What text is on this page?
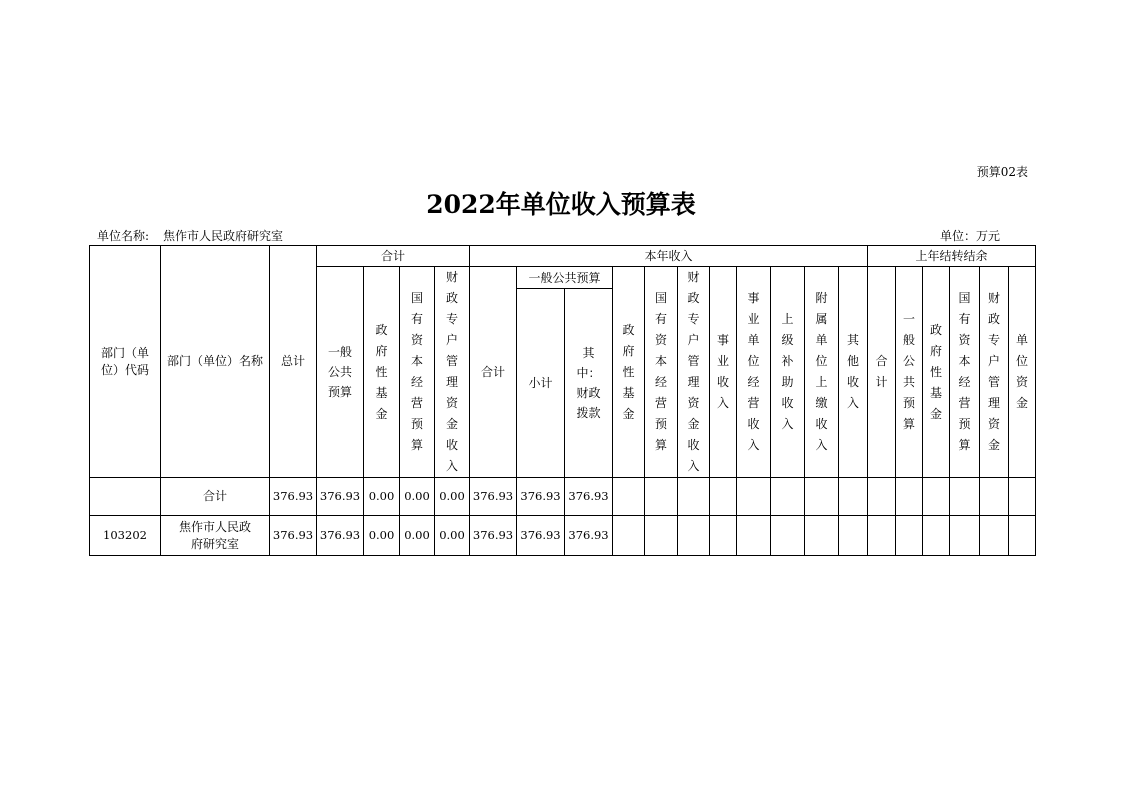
预算02表
2022年单位收入预算表
单位名称: 焦作市人民政府研究室	单位：万元
部门（单位）代码	部门（单位）名称	总计	合计				本年收入											上年结转结余					
			一般公共预算	政府性基金	国有资本经营预算	财政专户管理资金收入	合计	一般公共预算		政府性基金	国有资本经营预算	财政专户管理资金收入	事业收入	事业单位经营收入	上级补助收入	附属单位上缴收入	其他收入	合计	一般公共预算	政府性基金	国有资本经营预算	财政专户管理资金	单位资金
								小计	其中：财政拨款														
	合计	376.93	376.93	0.00	0.00	0.00	376.93	376.93	376.93														
103202	焦作市人民政府研究室	376.93	376.93	0.00	0.00	0.00	376.93	376.93	376.93														
